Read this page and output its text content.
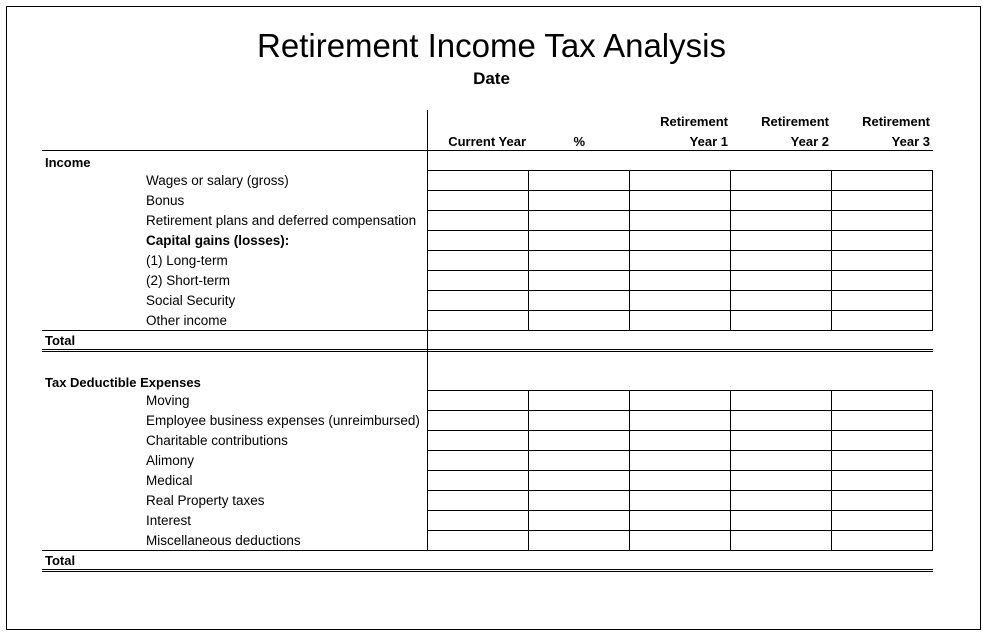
Retirement Income Tax Analysis
Date
Current Year	%
Retirement
Year 1
Retirement
Year 2
Retirement
Year 3
Income
Wages or salary (gross)
Bonus
Retirement plans and deferred compensation
Capital gains (losses):
(1) Long-term
(2) Short-term
Social Security
Other income
Total
Tax Deductible Expenses
Moving
Employee business expenses (unreimbursed)
Charitable contributions
Alimony
Medical
Real Property taxes
Interest
Miscellaneous deductions
Total
